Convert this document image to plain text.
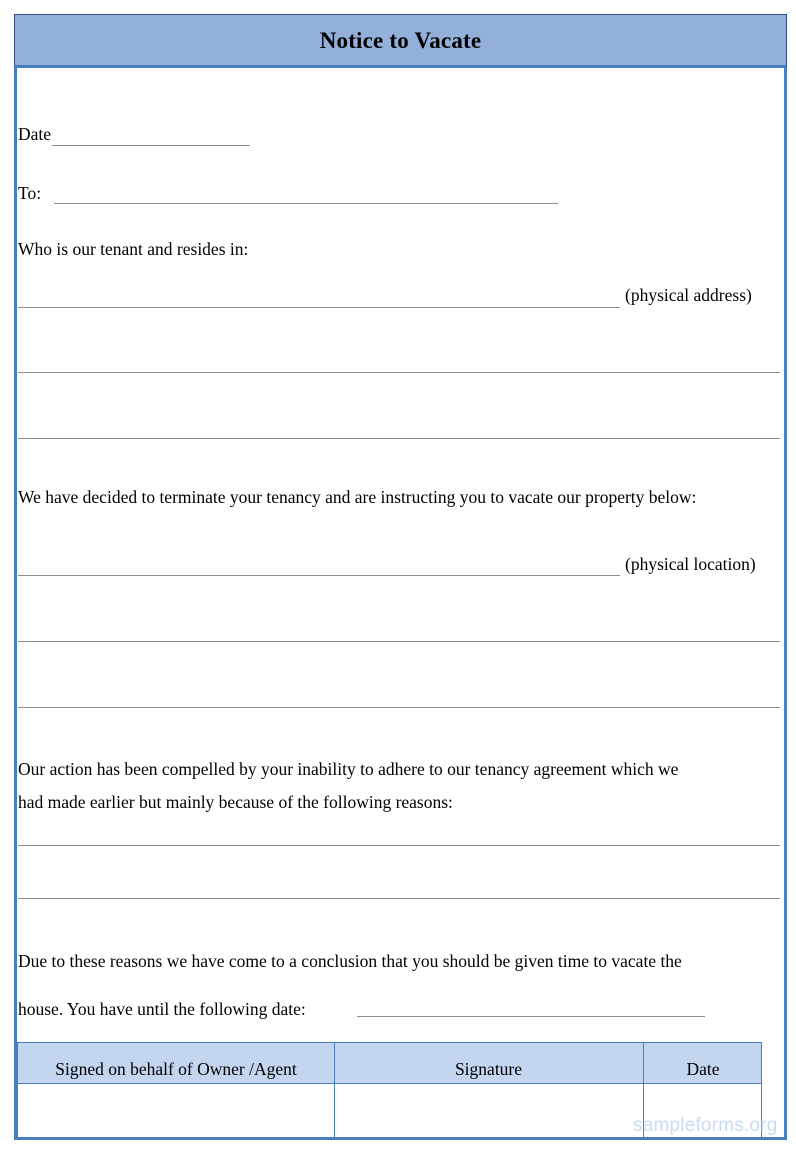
Notice to Vacate
Date
To:
Who is our tenant and resides in:
(physical address)
We have decided to terminate your tenancy and are instructing you to vacate our property below:
(physical location)
Our action has been compelled by your inability to adhere to our tenancy agreement which we
had made earlier but mainly because of the following reasons:
Due to these reasons we have come to a conclusion that you should be given time to vacate the
house. You have until the following date:
Signed on behalf of Owner /Agent	Signature	Date
sampleforms.org
